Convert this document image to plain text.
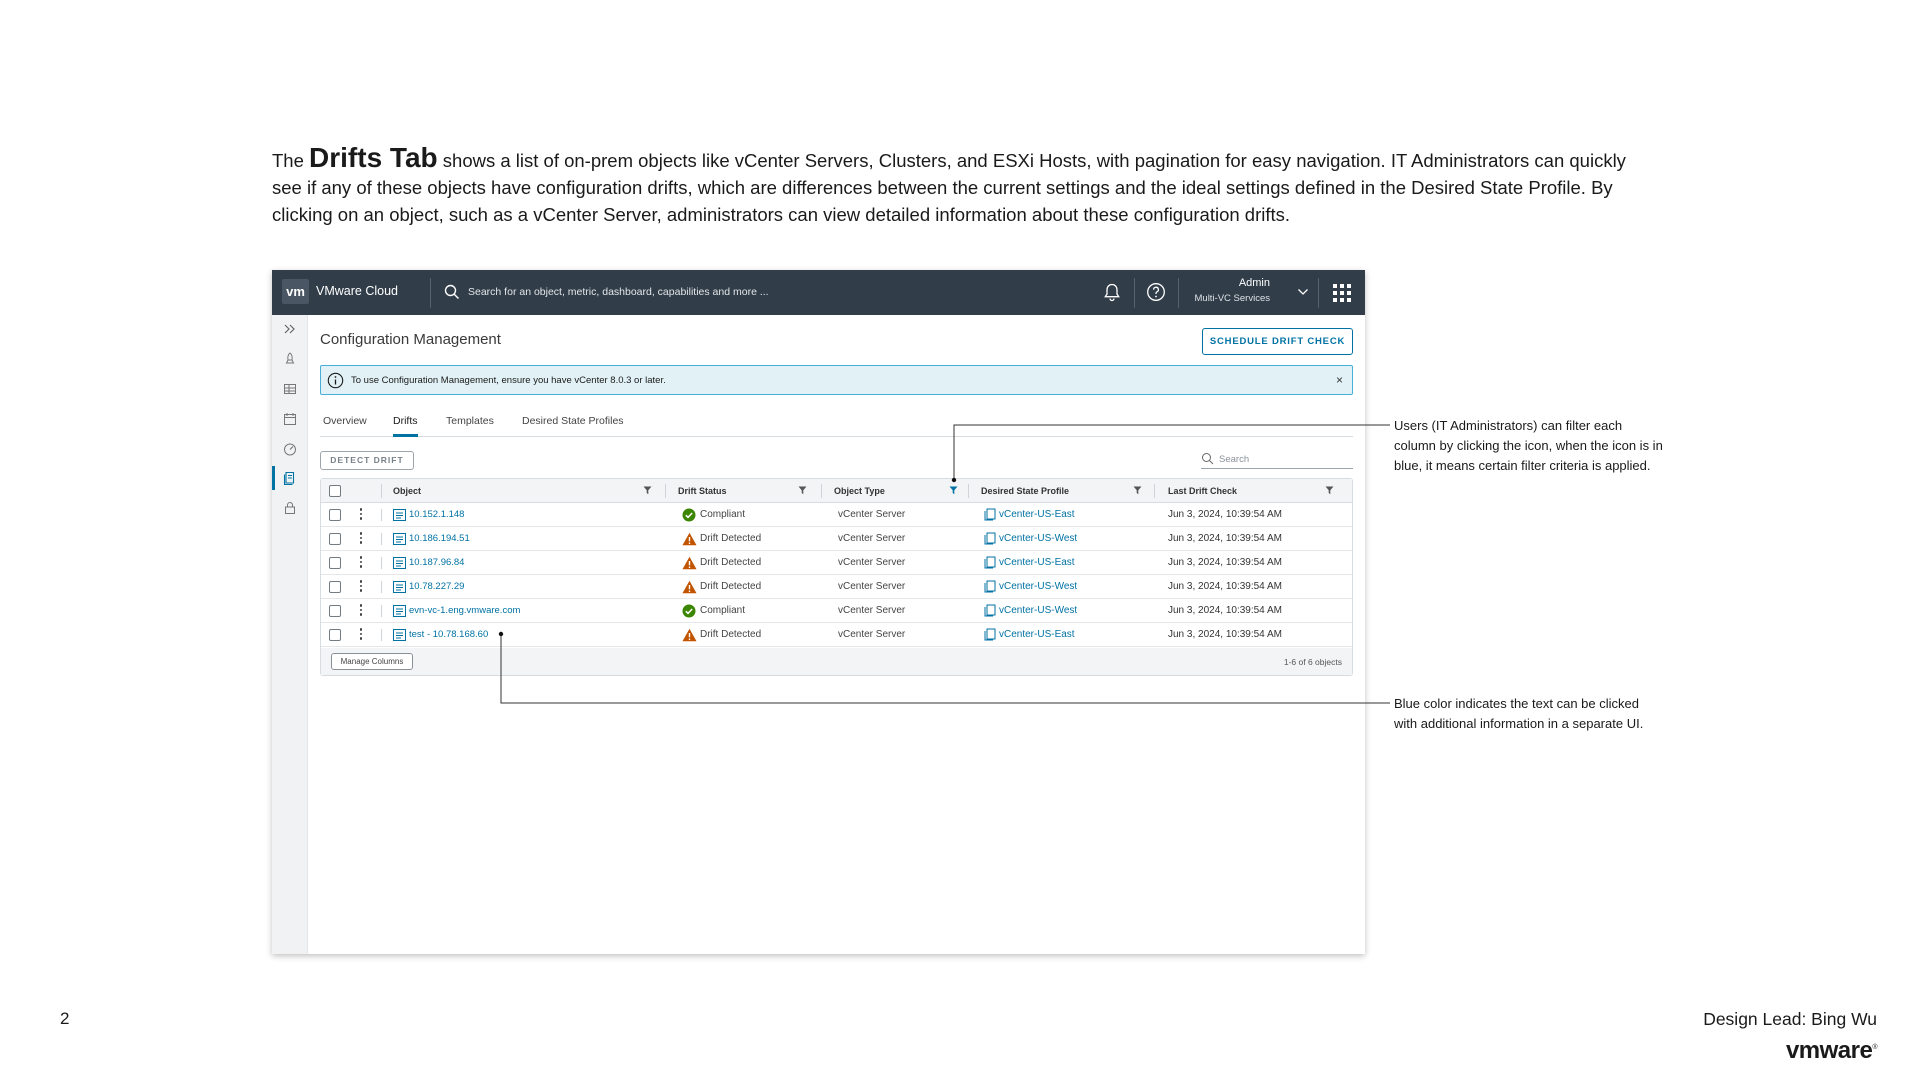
The Drifts Tab shows a list of on-prem objects like vCenter Servers, Clusters, and ESXi Hosts, with pagination for easy navigation. IT Administrators can quickly see if any of these objects have configuration drifts, which are differences between the current settings and the ideal settings defined in the Desired State Profile. By clicking on an object, such as a vCenter Server, administrators can view detailed information about these configuration drifts.

vm VMware Cloud	Search for an object, metric, dashboard, capabilities and more ...
Admin
Multi-VC Services
Configuration Management	SCHEDULE DRIFT CHECK
To use Configuration Management, ensure you have vCenter 8.0.3 or later.	×
Overview Drifts	Templates	Desired State Profiles
DETECT DRIFT	Search
Object	Drift Status	Object Type	Desired State Profile	Last Drift Check
10.152.1.148	Compliant	vCenter Server	vCenter-US-East	Jun 3, 2024, 10:39:54 AM
10.186.194.51	Drift Detected	vCenter Server	vCenter-US-West	Jun 3, 2024, 10:39:54 AM
10.187.96.84	Drift Detected	vCenter Server	vCenter-US-East	Jun 3, 2024, 10:39:54 AM
10.78.227.29	Drift Detected	vCenter Server	vCenter-US-West	Jun 3, 2024, 10:39:54 AM
evn-vc-1.eng.vmware.com	Compliant	vCenter Server	vCenter-US-West	Jun 3, 2024, 10:39:54 AM
test - 10.78.168.60	Drift Detected	vCenter Server	vCenter-US-East	Jun 3, 2024, 10:39:54 AM
Manage Columns	1-6 of 6 objects
Users (IT Administrators) can filter each column by clicking the icon, when the icon is in blue, it means certain filter criteria is applied.
Blue color indicates the text can be clicked with additional information in a separate UI.
2	Design Lead: Bing Wu
vmware®
